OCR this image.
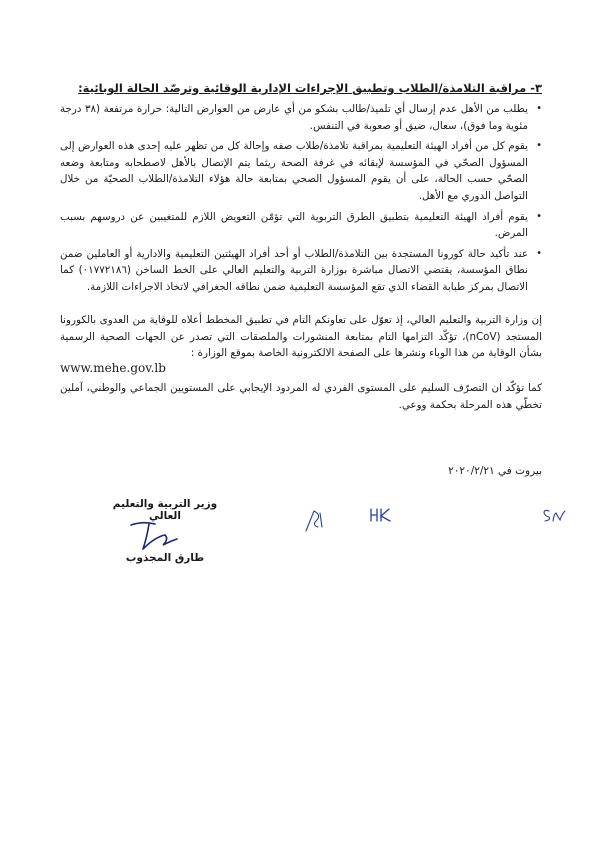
٣- مراقبة التلامذة/الطلاب وتطبيق الإجراءات الإدارية الوقائية وترصّد الحالة الوبائية:
•
يطلب من الأهل عدم إرسال أي تلميذ/طالب بشكو من أي عارض من العوارض التالية: حرارة مرتفعة (٣٨ درجة مئوية وما فوق)، سعال، ضيق أو صعوبة في التنفس.
•
يقوم كل من أفراد الهيئة التعليمية بمراقبة تلامذة/طلاب صفه وإحالة كل من تظهر عليه إحدى هذه العوارض إلى المسؤول الصحّي في المؤسسة لإبقائه في غرفة الصحة ريثما يتم الإتصال بالأهل لاصطحابه ومتابعة وضعه الصحّي حسب الحالة، على أن يقوم المسؤول الصحي بمتابعة حالة هؤلاء التلامذة/الطلاب الصحيّة من خلال التواصل الدوري مع الأهل.
•
يقوم أفراد الهيئة التعليمية بتطبيق الطرق التربوية التي تؤمّن التعويض اللازم للمتغيبين عن دروسهم بسبب المرض.
•
عند تأكيد حالة كورونا المستجدة بين التلامذة/الطلاب أو أحد أفراد الهيئتين التعليمية والادارية أو العاملين ضمن نطاق المؤسسة، يقتضي الاتصال مباشرة بوزارة التربية والتعليم العالي على الخط الساخن (٠١٧٧٢١٨٦) كما الاتصال بمركز طبابة القضاء الذي تقع المؤسسة التعليمية ضمن نطاقه الجغرافي لاتخاذ الاجراءات اللازمة.
إن وزارة التربية والتعليم العالي، إذ تعوّل على تعاونكم التام في تطبيق المخطط أعلاه للوقاية من العدوى بالكورونا المستجد (nCoV)، تؤكّد التزامها التام بمتابعة المنشورات والملصقات التي تصدر عن الجهات الصحية الرسمية بشأن الوقاية من هذا الوباء ونشرها على الصفحة الالكترونية الخاصة بموقع الوزارة :
www.mehe.gov.lb
كما تؤكّد ان التصرّف السليم على المستوى الفردي له المردود الإيجابي على المستويين الجماعي والوطني، آملين تخطّي هذه المرحلة بحكمة ووعي.
بيروت في ٢٠٢٠/٢/٢١
وزير التربية والتعليم العالي
طارق المجذوب
